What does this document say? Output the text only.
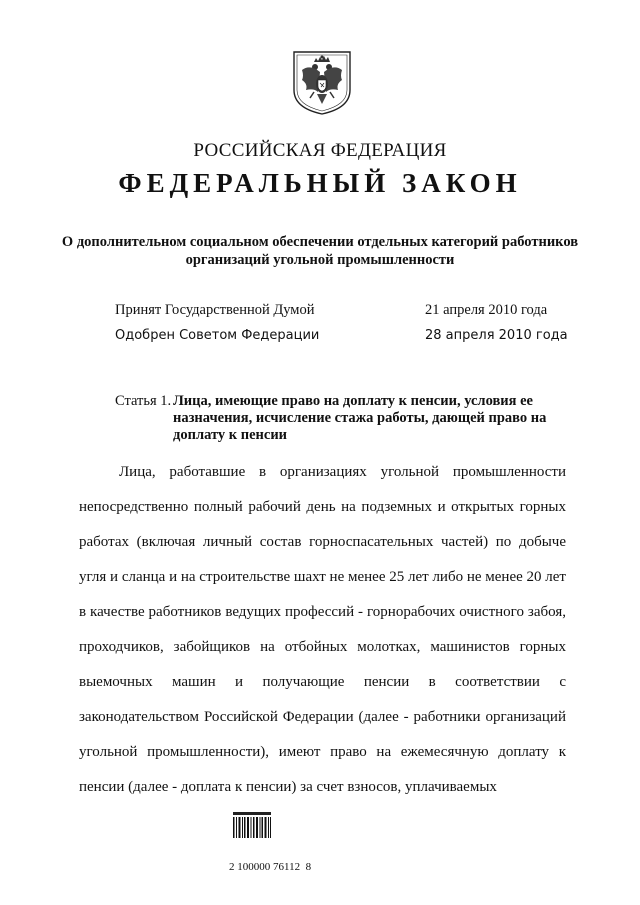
РОССИЙСКАЯ ФЕДЕРАЦИЯ
ФЕДЕРАЛЬНЫЙ ЗАКОН
О дополнительном социальном обеспечении отдельных категорий работников организаций угольной промышленности
Принят Государственной Думой	21 апреля 2010 года
Одобрен Советом Федерации	28 апреля 2010 года
Статья 1. Лица, имеющие право на доплату к пенсии, условия ее назначения, исчисление стажа работы, дающей право на доплату к пенсии

Лица, работавшие в организациях угольной промышленности непосредственно полный рабочий день на подземных и открытых горных работах (включая личный состав горноспасательных частей) по добыче угля и сланца и на строительстве шахт не менее 25 лет либо не менее 20 лет в качестве работников ведущих профессий - горнорабочих очистного забоя, проходчиков, забойщиков на отбойных молотках, машинистов горных выемочных машин и получающие пенсии в соответствии с законодательством Российской Федерации (далее - работники организаций угольной промышленности), имеют право на ежемесячную доплату к пенсии (далее - доплата к пенсии) за счет взносов, уплачиваемых

2 100000 76112  8
